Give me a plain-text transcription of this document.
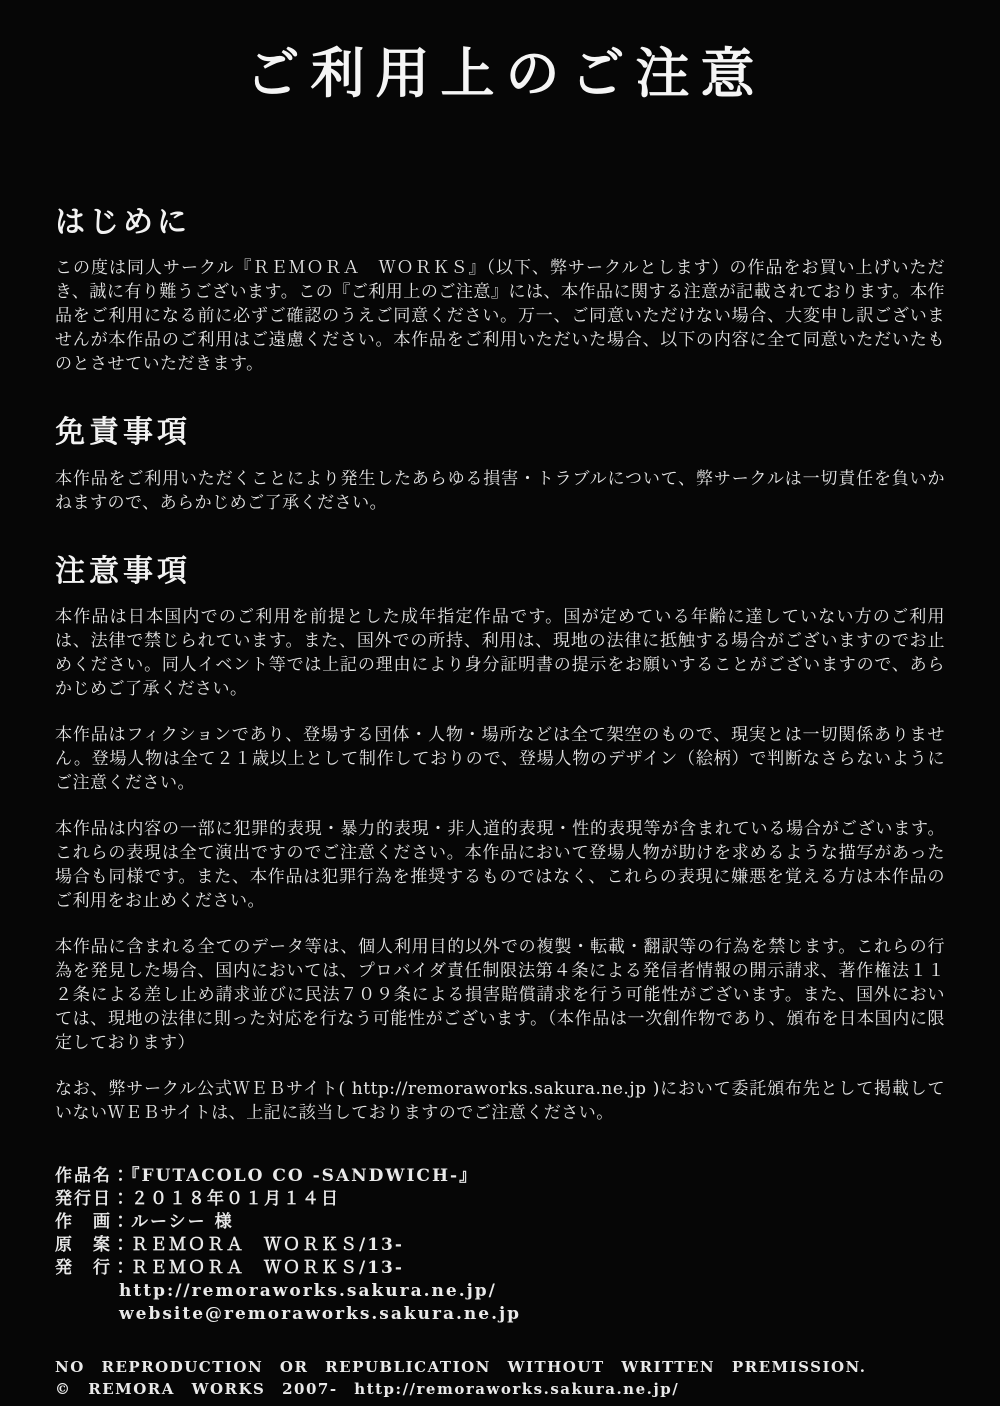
ご利用上のご注意
はじめに

この度は同人サークル『ＲＥＭＯＲＡ　ＷＯＲＫＳ』（以下、弊サークルとします）の作品をお買い上げいただき、誠に有り難うございます。この『ご利用上のご注意』には、本作品に関する注意が記載されております。本作品をご利用になる前に必ずご確認のうえご同意ください。万一、ご同意いただけない場合、大変申し訳ございませんが本作品のご利用はご遠慮ください。本作品をご利用いただいた場合、以下の内容に全て同意いただいたものとさせていただきます。

免責事項

本作品をご利用いただくことにより発生したあらゆる損害・トラブルについて、弊サークルは一切責任を負いかねますので、あらかじめご了承ください。

注意事項

本作品は日本国内でのご利用を前提とした成年指定作品です。国が定めている年齢に達していない方のご利用は、法律で禁じられています。また、国外での所持、利用は、現地の法律に抵触する場合がございますのでお止めください。同人イベント等では上記の理由により身分証明書の提示をお願いすることがございますので、あらかじめご了承ください。

本作品はフィクションであり、登場する団体・人物・場所などは全て架空のもので、現実とは一切関係ありません。登場人物は全て２１歳以上として制作しておりので、登場人物のデザイン（絵柄）で判断なさらないようにご注意ください。

本作品は内容の一部に犯罪的表現・暴力的表現・非人道的表現・性的表現等が含まれている場合がございます。これらの表現は全て演出ですのでご注意ください。本作品において登場人物が助けを求めるような描写があった場合も同様です。また、本作品は犯罪行為を推奨するものではなく、これらの表現に嫌悪を覚える方は本作品のご利用をお止めください。

本作品に含まれる全てのデータ等は、個人利用目的以外での複製・転載・翻訳等の行為を禁じます。これらの行為を発見した場合、国内においては、プロバイダ責任制限法第４条による発信者情報の開示請求、著作権法１１２条による差し止め請求並びに民法７０９条による損害賠償請求を行う可能性がございます。また、国外においては、現地の法律に則った対応を行なう可能性がございます。（本作品は一次創作物であり、頒布を日本国内に限定しております）

なお、弊サークル公式ＷＥＢサイト( http://remoraworks.sakura.ne.jp )において委託頒布先として掲載していないＷＥＢサイトは、上記に該当しておりますのでご注意ください。

作品名：『FUTACOLO CO -SANDWICH-』
発行日：２０１８年０１月１４日
作　画：ルーシー 様
原　案：ＲＥＭＯＲＡ　ＷＯＲＫＳ/13-
発　行：ＲＥＭＯＲＡ　ＷＯＲＫＳ/13-
http://remoraworks.sakura.ne.jp/
website@remoraworks.sakura.ne.jp
NO REPRODUCTION OR REPUBLICATION WITHOUT WRITTEN PREMISSION.
© REMORA WORKS 2007- http://remoraworks.sakura.ne.jp/
